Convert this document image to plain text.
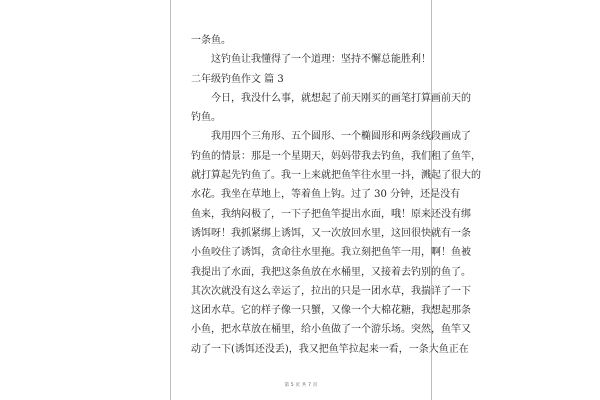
一条鱼。

这钓鱼让我懂得了一个道理：坚持不懈总能胜利！

二年级钓鱼作文 篇 3

今日，我没什么事，就想起了前天刚买的画笔打算画前天的

钓鱼。

我用四个三角形、五个圆形、一个椭圆形和两条线段画成了

钓鱼的情景：那是一个星期天，妈妈带我去钓鱼，我们租了鱼竿，

就打算起先钓鱼了。我一上来就把鱼竿往水里一抖，溅起了很大的

水花。我坐在草地上，等着鱼上钩。过了 30 分钟，还是没有

鱼来，我纳闷极了，一下子把鱼竿提出水面，哦！原来还没有绑

诱饵呀！我抓紧绑上诱饵，又一次放回水里，这回很快就有一条

小鱼咬住了诱饵，贪命往水里拖。我立刻把鱼竿一用，啊！鱼被

我提出了水面，我把这条鱼放在水桶里，又接着去钓别的鱼了。

其次次就没有这么幸运了，拉出的只是一团水草，我揣详了一下

这团水草。它的样子像一只蟹，又像一个大棉花糖，我想起那条

小鱼，把水草放在桶里，给小鱼做了一个游乐场。突然，鱼竿又

动了一下(诱饵还没丢)，我又把鱼竿拉起来一看，一条大鱼正在

第 5 页 共 7 页
